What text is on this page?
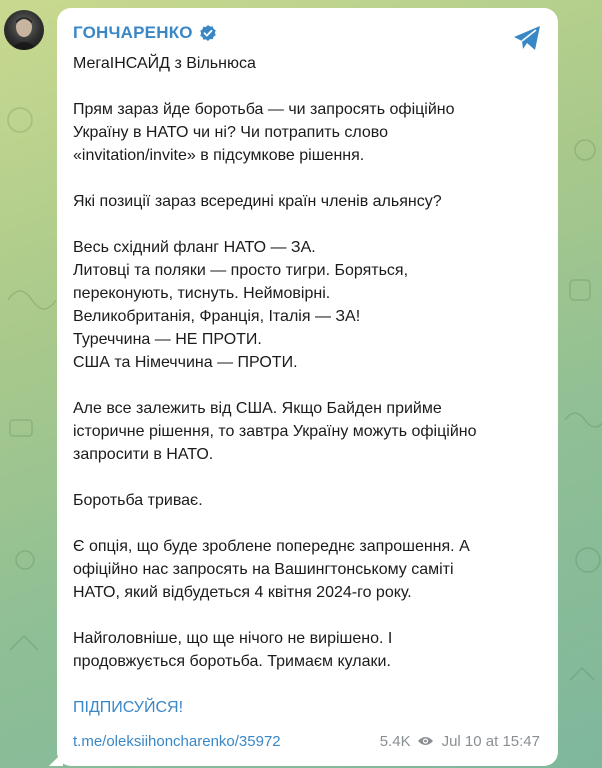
ГОНЧАРЕНКО
МегаІНСАЙД з Вільнюса
Прям зараз йде боротьба — чи запросять офіційно
Україну в НАТО чи ні? Чи потрапить слово
«invitation/invite» в підсумкове рішення.
Які позиції зараз всередині країн членів альянсу?
Весь східний фланг НАТО — ЗА.
Литовці та поляки — просто тигри. Боряться,
переконують, тиснуть. Неймовірні.
Великобританія, Франція, Італія — ЗА!
Туреччина — НЕ ПРОТИ.
США та Німеччина — ПРОТИ.
Але все залежить від США. Якщо Байден прийме
історичне рішення, то завтра Україну можуть офіційно
запросити в НАТО.
Боротьба триває.
Є опція, що буде зроблене попереднє запрошення. А
офіційно нас запросять на Вашингтонському саміті
НАТО, який відбудеться 4 квітня 2024-го року.
Найголовніше, що ще нічого не вирішено. І
продовжується боротьба. Тримаєм кулаки.
ПІДПИСУЙСЯ!
t.me/oleksiihoncharenko/35972	5.4K Jul 10 at 15:47
